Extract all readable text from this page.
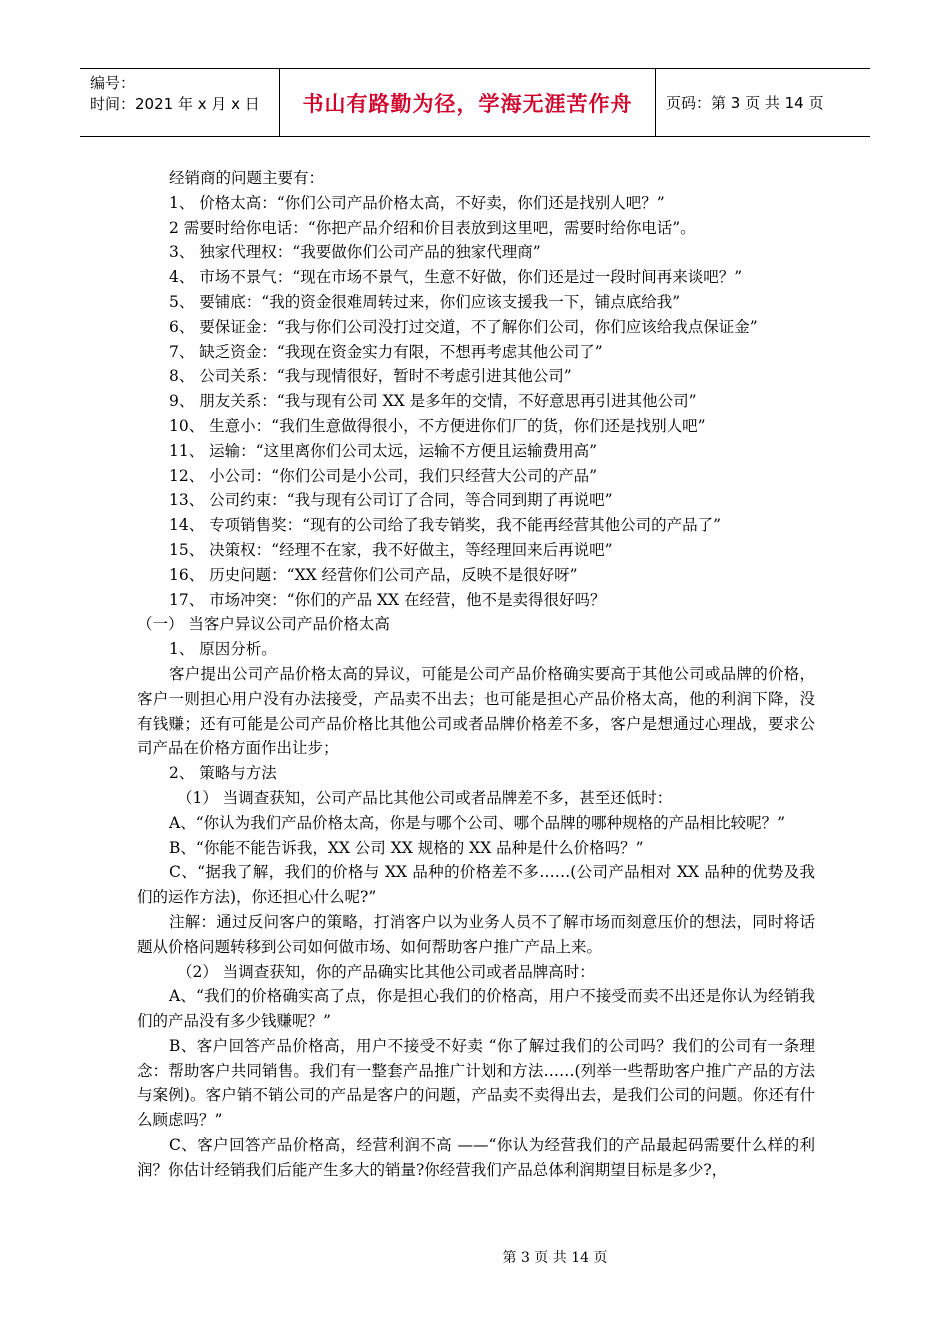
编号：
时间：2021 年 x 月 x 日	书山有路勤为径，学海无涯苦作舟	页码：第 3 页 共 14 页

经销商的问题主要有：

1、 价格太高：“你们公司产品价格太高，不好卖，你们还是找别人吧？”

2 需要时给你电话：“你把产品介绍和价目表放到这里吧，需要时给你电话”。

3、 独家代理权：“我要做你们公司产品的独家代理商”

4、 市场不景气：“现在市场不景气，生意不好做，你们还是过一段时间再来谈吧？”

5、 要铺底：“我的资金很难周转过来，你们应该支援我一下，铺点底给我”

6、 要保证金：“我与你们公司没打过交道，不了解你们公司，你们应该给我点保证金”

7、 缺乏资金：“我现在资金实力有限，不想再考虑其他公司了”

8、 公司关系：“我与现情很好，暂时不考虑引进其他公司”

9、 朋友关系：“我与现有公司 XX 是多年的交情，不好意思再引进其他公司”

10、 生意小：“我们生意做得很小，不方便进你们厂的货，你们还是找别人吧”

11、 运输：“这里离你们公司太远，运输不方便且运输费用高”

12、 小公司：“你们公司是小公司，我们只经营大公司的产品”

13、 公司约束：“我与现有公司订了合同，等合同到期了再说吧”

14、 专项销售奖：“现有的公司给了我专销奖，我不能再经营其他公司的产品了”

15、 决策权：“经理不在家，我不好做主，等经理回来后再说吧”

16、 历史问题：“XX 经营你们公司产品，反映不是很好呀”

17、 市场冲突：“你们的产品 XX 在经营，他不是卖得很好吗？

（一） 当客户异议公司产品价格太高

1、 原因分析。

客户提出公司产品价格太高的异议，可能是公司产品价格确实要高于其他公司或品牌的价格，客户一则担心用户没有办法接受，产品卖不出去；也可能是担心产品价格太高，他的利润下降，没有钱赚；还有可能是公司产品价格比其他公司或者品牌价格差不多，客户是想通过心理战，要求公司产品在价格方面作出让步；

2、 策略与方法

（1） 当调查获知，公司产品比其他公司或者品牌差不多，甚至还低时：

A、“你认为我们产品价格太高，你是与哪个公司、哪个品牌的哪种规格的产品相比较呢？”

B、“你能不能告诉我，XX 公司 XX 规格的 XX 品种是什么价格吗？”

C、“据我了解，我们的价格与 XX 品种的价格差不多……(公司产品相对 XX 品种的优势及我们的运作方法)，你还担心什么呢?”

注解：通过反问客户的策略，打消客户以为业务人员不了解市场而刻意压价的想法，同时将话题从价格问题转移到公司如何做市场、如何帮助客户推广产品上来。

（2） 当调查获知，你的产品确实比其他公司或者品牌高时：

A、“我们的价格确实高了点，你是担心我们的价格高，用户不接受而卖不出还是你认为经销我们的产品没有多少钱赚呢？”

B、客户回答产品价格高，用户不接受不好卖 “你了解过我们的公司吗？我们的公司有一条理念：帮助客户共同销售。我们有一整套产品推广计划和方法……(列举一些帮助客户推广产品的方法与案例)。客户销不销公司的产品是客户的问题，产品卖不卖得出去，是我们公司的问题。你还有什么顾虑吗？”

C、客户回答产品价格高，经营利润不高 ——“你认为经营我们的产品最起码需要什么样的利润？你估计经销我们后能产生多大的销量?你经营我们产品总体利润期望目标是多少?，

第 3 页 共 14 页
